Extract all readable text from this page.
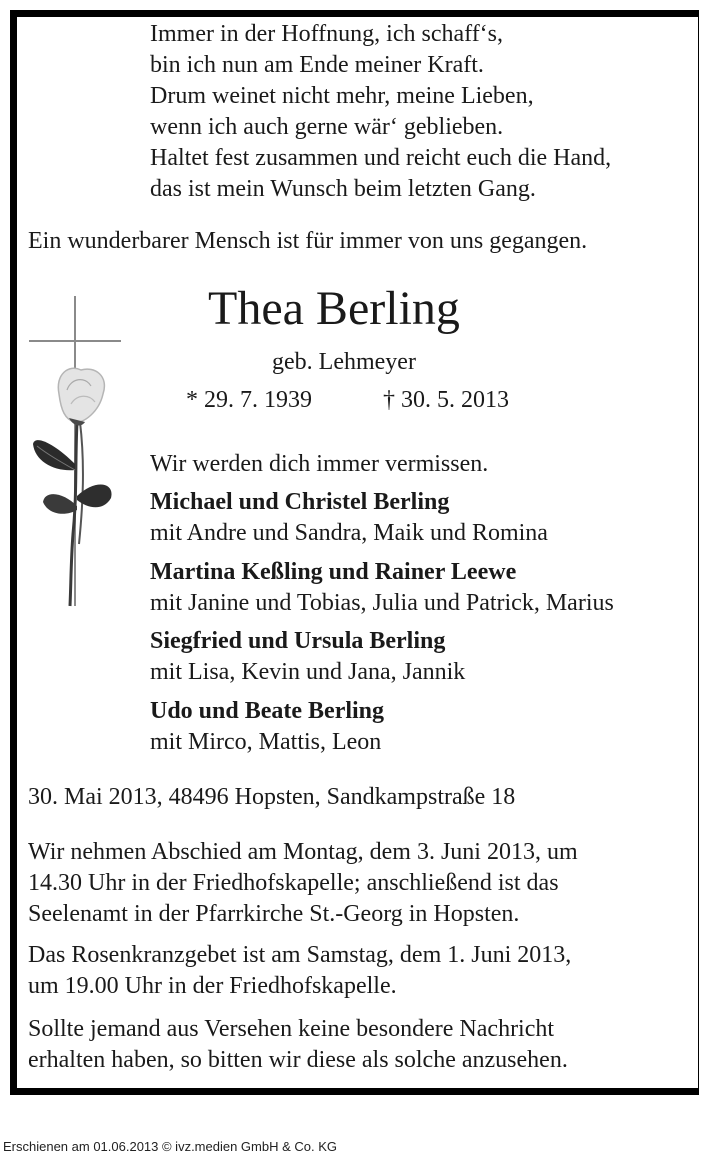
Immer in der Hoffnung, ich schaff‘s,
bin ich nun am Ende meiner Kraft.
Drum weinet nicht mehr, meine Lieben,
wenn ich auch gerne wär‘ geblieben.
Haltet fest zusammen und reicht euch die Hand,
das ist mein Wunsch beim letzten Gang.
Ein wunderbarer Mensch ist für immer von uns gegangen.
Thea Berling
geb. Lehmeyer
* 29. 7. 1939	† 30. 5. 2013
Wir werden dich immer vermissen.
Michael und Christel Berling
mit Andre und Sandra, Maik und Romina
Martina Keßling und Rainer Leewe
mit Janine und Tobias, Julia und Patrick, Marius
Siegfried und Ursula Berling
mit Lisa, Kevin und Jana, Jannik
Udo und Beate Berling
mit Mirco, Mattis, Leon
30. Mai 2013, 48496 Hopsten, Sandkampstraße 18
Wir nehmen Abschied am Montag, dem 3. Juni 2013, um
14.30 Uhr in der Friedhofskapelle; anschließend ist das
Seelenamt in der Pfarrkirche St.-Georg in Hopsten.
Das Rosenkranzgebet ist am Samstag, dem 1. Juni 2013,
um 19.00 Uhr in der Friedhofskapelle.
Sollte jemand aus Versehen keine besondere Nachricht
erhalten haben, so bitten wir diese als solche anzusehen.
Erschienen am 01.06.2013 © ivz.medien GmbH & Co. KG
